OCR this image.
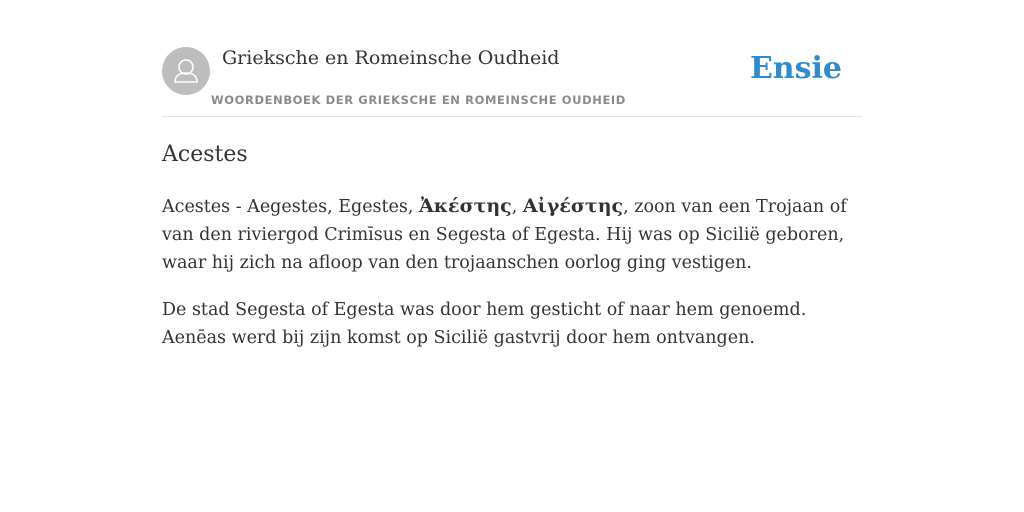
Grieksche en Romeinsche Oudheid
WOORDENBOEK DER GRIEKSCHE EN ROMEINSCHE OUDHEID
Ensie
Acestes

Acestes - Aegestes, Egestes, Ἀκέστης, Αἰγέστης, zoon van een Trojaan of van den riviergod Crimīsus en Segesta of Egesta. Hij was op Sicilië geboren, waar hij zich na afloop van den trojaanschen oorlog ging vestigen.

De stad Segesta of Egesta was door hem gesticht of naar hem genoemd. Aenēas werd bij zijn komst op Sicilië gastvrij door hem ontvangen.
